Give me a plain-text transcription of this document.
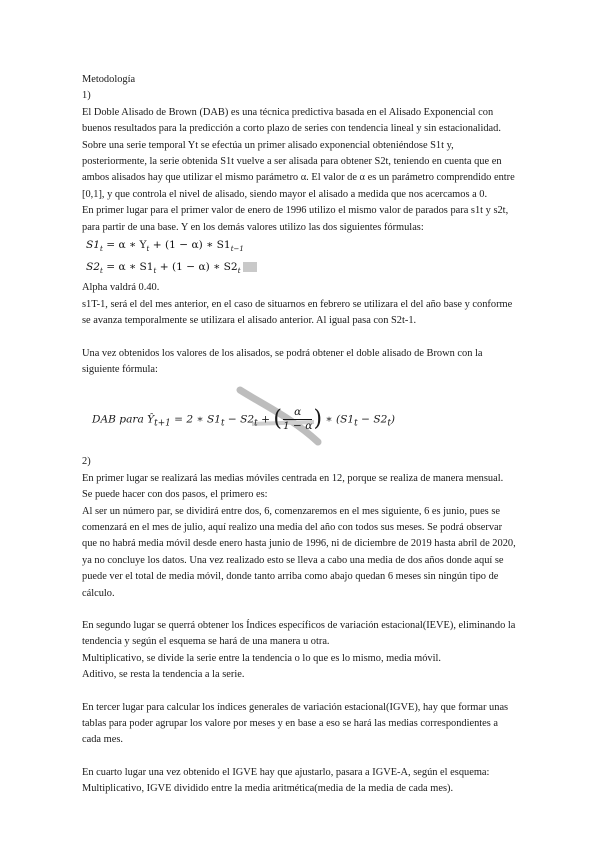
Metodología

1)

El Doble Alisado de Brown (DAB) es una técnica predictiva basada en el Alisado Exponencial con buenos resultados para la predicción a corto plazo de series con tendencia lineal y sin estacionalidad. Sobre una serie temporal Yt se efectúa un primer alisado exponencial obteniéndose S1t y, posteriormente, la serie obtenida S1t vuelve a ser alisada para obtener S2t, teniendo en cuenta que en ambos alisados hay que utilizar el mismo parámetro α. El valor de α es un parámetro comprendido entre [0,1], y que controla el nivel de alisado, siendo mayor el alisado a medida que nos acercamos a 0.

En primer lugar para el primer valor de enero de 1996 utilizo el mismo valor de parados para s1t y s2t, para partir de una base. Y en los demás valores utilizo las dos siguientes fórmulas:

$S1_t = \alpha$ ∗ $Y_t + (1 - \alpha)$ ∗ $S1_{t-1}$
$S2_t = \alpha$ ∗ $S1_t + (1 - \alpha)$ ∗ $S2_t$

Alpha valdrá 0.40.

s1T-1, será el del mes anterior, en el caso de situarnos en febrero se utilizara el del año base y conforme se avanza temporalmente se utilizara el alisado anterior. Al igual pasa con S2t-1.

Una vez obtenidos los valores de los alisados, se podrá obtener el doble alisado de Brown con la siguiente fórmula:

DAB para $Ŷ_{t+1} = 2$ ∗ $S1_t - S2_t$ + ( $\frac{\alpha}{1 - \alpha}$ ) ∗ $(S1_t - S2_t)$

2)

En primer lugar se realizará las medias móviles centrada en 12, porque se realiza de manera mensual. Se puede hacer con dos pasos, el primero es:

Al ser un número par, se dividirá entre dos, 6, comenzaremos en el mes siguiente, 6 es junio, pues se comenzará en el mes de julio, aquí realizo una media del año con todos sus meses. Se podrá observar que no habrá media móvil desde enero hasta junio de 1996, ni de diciembre de 2019 hasta abril de 2020, ya no concluye los datos. Una vez realizado esto se lleva a cabo una media de dos años donde aquí se puede ver el total de media móvil, donde tanto arriba como abajo quedan 6 meses sin ningún tipo de cálculo.

En segundo lugar se querrá obtener los Índices específicos de variación estacional(IEVE), eliminando la tendencia y según el esquema se hará de una manera u otra.

Multiplicativo, se divide la serie entre la tendencia o lo que es lo mismo, media móvil.

Aditivo, se resta la tendencia a la serie.

En tercer lugar para calcular los índices generales de variación estacional(IGVE), hay que formar unas tablas para poder agrupar los valore por meses y en base a eso se hará las medias correspondientes a cada mes.

En cuarto lugar una vez obtenido el IGVE hay que ajustarlo, pasara a IGVE-A, según el esquema: Multiplicativo, IGVE dividido entre la media aritmética(media de la media de cada mes).
